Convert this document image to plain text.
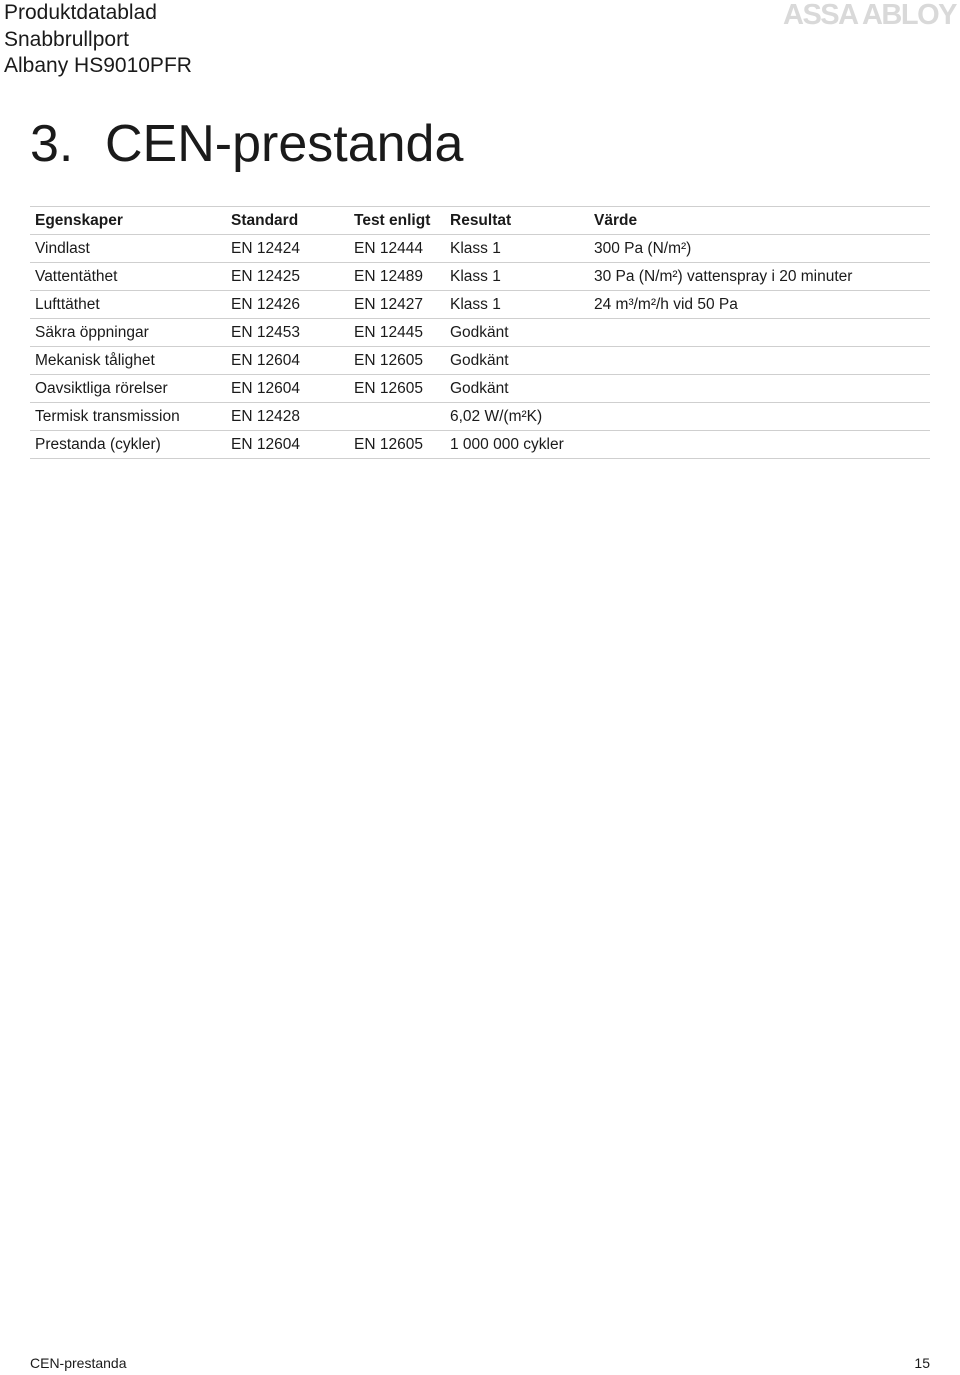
Produktdatablad
Snabbrullport
Albany HS9010PFR
ASSA ABLOY
3. CEN-prestanda
Egenskaper	Standard	Test enligt	Resultat	Värde
Vindlast	EN 12424	EN 12444	Klass 1	300 Pa (N/m²)
Vattentäthet	EN 12425	EN 12489	Klass 1	30 Pa (N/m²) vattenspray i 20 minuter
Lufttäthet	EN 12426	EN 12427	Klass 1	24 m³/m²/h vid 50 Pa
Säkra öppningar	EN 12453	EN 12445	Godkänt	
Mekanisk tålighet	EN 12604	EN 12605	Godkänt	
Oavsiktliga rörelser	EN 12604	EN 12605	Godkänt	
Termisk transmission	EN 12428		6,02 W/(m²K)	
Prestanda (cykler)	EN 12604	EN 12605	1 000 000 cykler	
CEN-prestanda	15
